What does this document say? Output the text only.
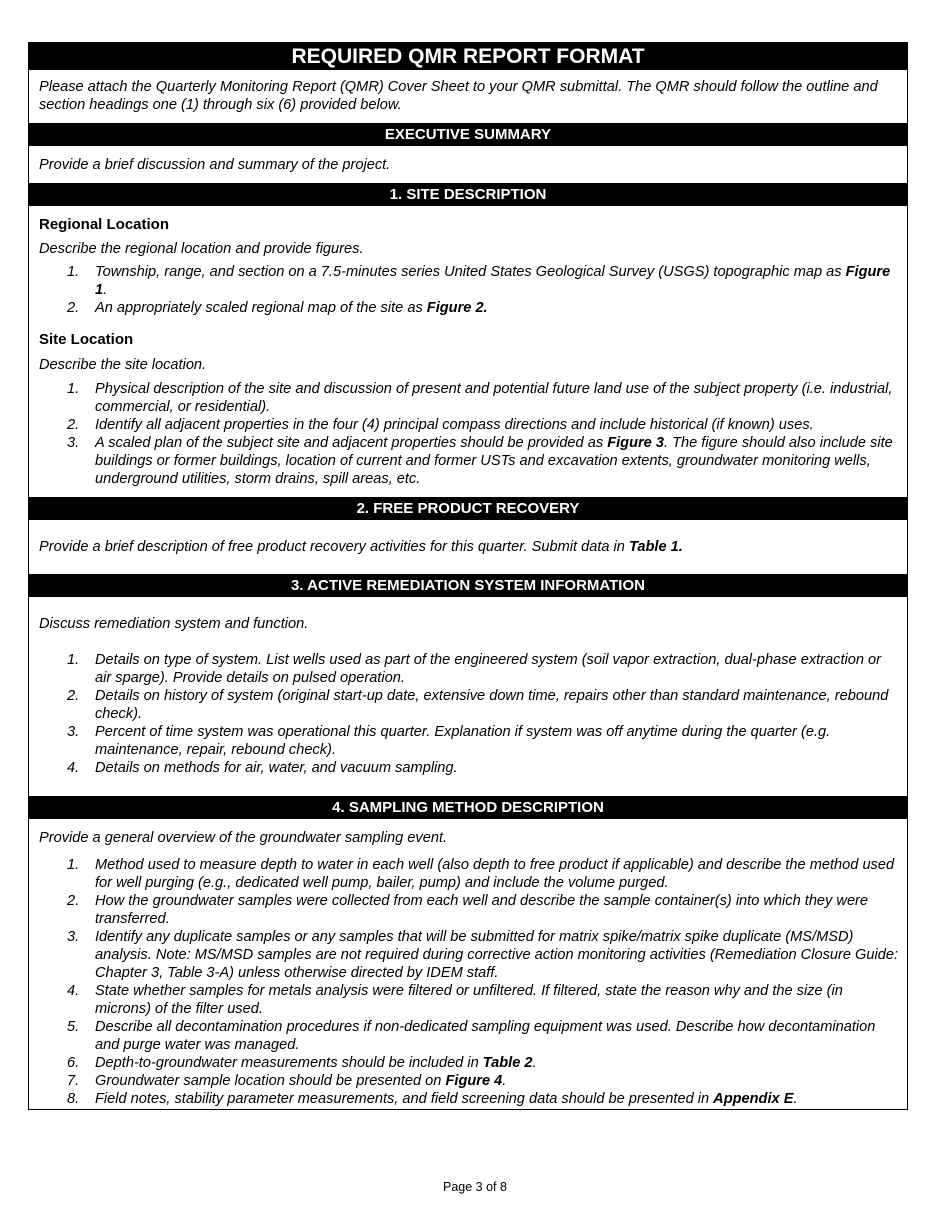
REQUIRED QMR REPORT FORMAT

Please attach the Quarterly Monitoring Report (QMR) Cover Sheet to your QMR submittal. The QMR should follow the outline and section headings one (1) through six (6) provided below.

EXECUTIVE SUMMARY

Provide a brief discussion and summary of the project.

1. SITE DESCRIPTION

Regional Location

Describe the regional location and provide figures.

1.	Township, range, and section on a 7.5-minutes series United States Geological Survey (USGS) topographic map as Figure 1.
2.	An appropriately scaled regional map of the site as Figure 2.

Site Location

Describe the site location.

1.	Physical description of the site and discussion of present and potential future land use of the subject property (i.e. industrial, commercial, or residential).
2.	Identify all adjacent properties in the four (4) principal compass directions and include historical (if known) uses.
3.	A scaled plan of the subject site and adjacent properties should be provided as Figure 3. The figure should also include site buildings or former buildings, location of current and former USTs and excavation extents, groundwater monitoring wells, underground utilities, storm drains, spill areas, etc.
2. FREE PRODUCT RECOVERY

Provide a brief description of free product recovery activities for this quarter. Submit data in Table 1.

3. ACTIVE REMEDIATION SYSTEM INFORMATION

Discuss remediation system and function.

1.	Details on type of system. List wells used as part of the engineered system (soil vapor extraction, dual-phase extraction or air sparge). Provide details on pulsed operation.
2.	Details on history of system (original start-up date, extensive down time, repairs other than standard maintenance, rebound check).
3.	Percent of time system was operational this quarter. Explanation if system was off anytime during the quarter (e.g. maintenance, repair, rebound check).
4.	Details on methods for air, water, and vacuum sampling.
4. SAMPLING METHOD DESCRIPTION

Provide a general overview of the groundwater sampling event.

1.	Method used to measure depth to water in each well (also depth to free product if applicable) and describe the method used for well purging (e.g., dedicated well pump, bailer, pump) and include the volume purged.
2.	How the groundwater samples were collected from each well and describe the sample container(s) into which they were transferred.
3.	Identify any duplicate samples or any samples that will be submitted for matrix spike/matrix spike duplicate (MS/MSD) analysis. Note: MS/MSD samples are not required during corrective action monitoring activities (Remediation Closure Guide: Chapter 3, Table 3-A) unless otherwise directed by IDEM staff.
4.	State whether samples for metals analysis were filtered or unfiltered. If filtered, state the reason why and the size (in microns) of the filter used.
5.	Describe all decontamination procedures if non-dedicated sampling equipment was used. Describe how decontamination and purge water was managed.
6.	Depth-to-groundwater measurements should be included in Table 2.
7.	Groundwater sample location should be presented on Figure 4.
8.	Field notes, stability parameter measurements, and field screening data should be presented in Appendix E.
Page 3 of 8
